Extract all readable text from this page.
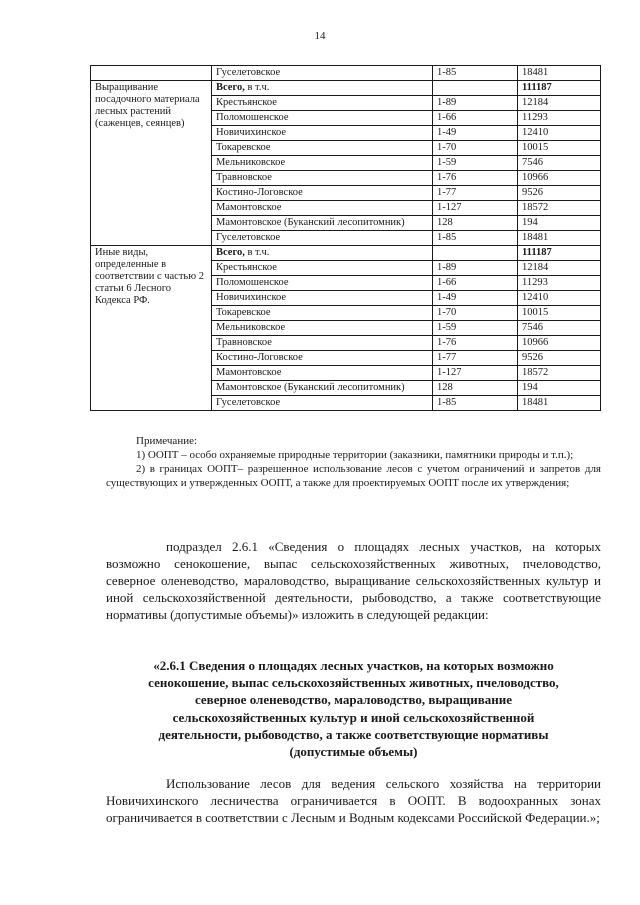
14
	Гуселетовское	1-85	18481
Выращивание посадочного материала лесных растений (саженцев, сеянцев)	Всего, в т.ч.		111187
	Крестьянское	1-89	12184
	Поломошенское	1-66	11293
	Новичихинское	1-49	12410
	Токаревское	1-70	10015
	Мельниковское	1-59	7546
	Травновское	1-76	10966
	Костино-Логовское	1-77	9526
	Мамонтовское	1-127	18572
	Мамонтовское (Буканский лесопитомник)	128	194
	Гуселетовское	1-85	18481
Иные виды, определенные в соответствии с частью 2 статьи 6 Лесного Кодекса РФ.	Всего, в т.ч.		111187
	Крестьянское	1-89	12184
	Поломошенское	1-66	11293
	Новичихинское	1-49	12410
	Токаревское	1-70	10015
	Мельниковское	1-59	7546
	Травновское	1-76	10966
	Костино-Логовское	1-77	9526
	Мамонтовское	1-127	18572
	Мамонтовское (Буканский лесопитомник)	128	194
	Гуселетовское	1-85	18481

Примечание:

1) ООПТ – особо охраняемые природные территории (заказники, памятники природы и т.п.);

2) в границах ООПТ– разрешенное использование лесов с учетом ограничений и запретов для существующих и утвержденных ООПТ, а также для проектируемых ООПТ после их утверждения;

подраздел 2.6.1 «Сведения о площадях лесных участков, на которых возможно сенокошение, выпас сельскохозяйственных животных, пчеловодство, северное оленеводство, мараловодство, выращивание сельскохозяйственных культур и иной сельскохозяйственной деятельности, рыбоводство, а также соответствующие нормативы (допустимые объемы)» изложить в следующей редакции:

«2.6.1 Сведения о площадях лесных участков, на которых возможно
сенокошение, выпас сельскохозяйственных животных, пчеловодство,
северное оленеводство, мараловодство, выращивание
сельскохозяйственных культур и иной сельскохозяйственной
деятельности, рыбоводство, а также соответствующие нормативы
(допустимые объемы)

Использование лесов для ведения сельского хозяйства на территории Новичихинского лесничества ограничивается в ООПТ. В водоохранных зонах ограничивается в соответствии с Лесным и Водным кодексами Российской Федерации.»;
